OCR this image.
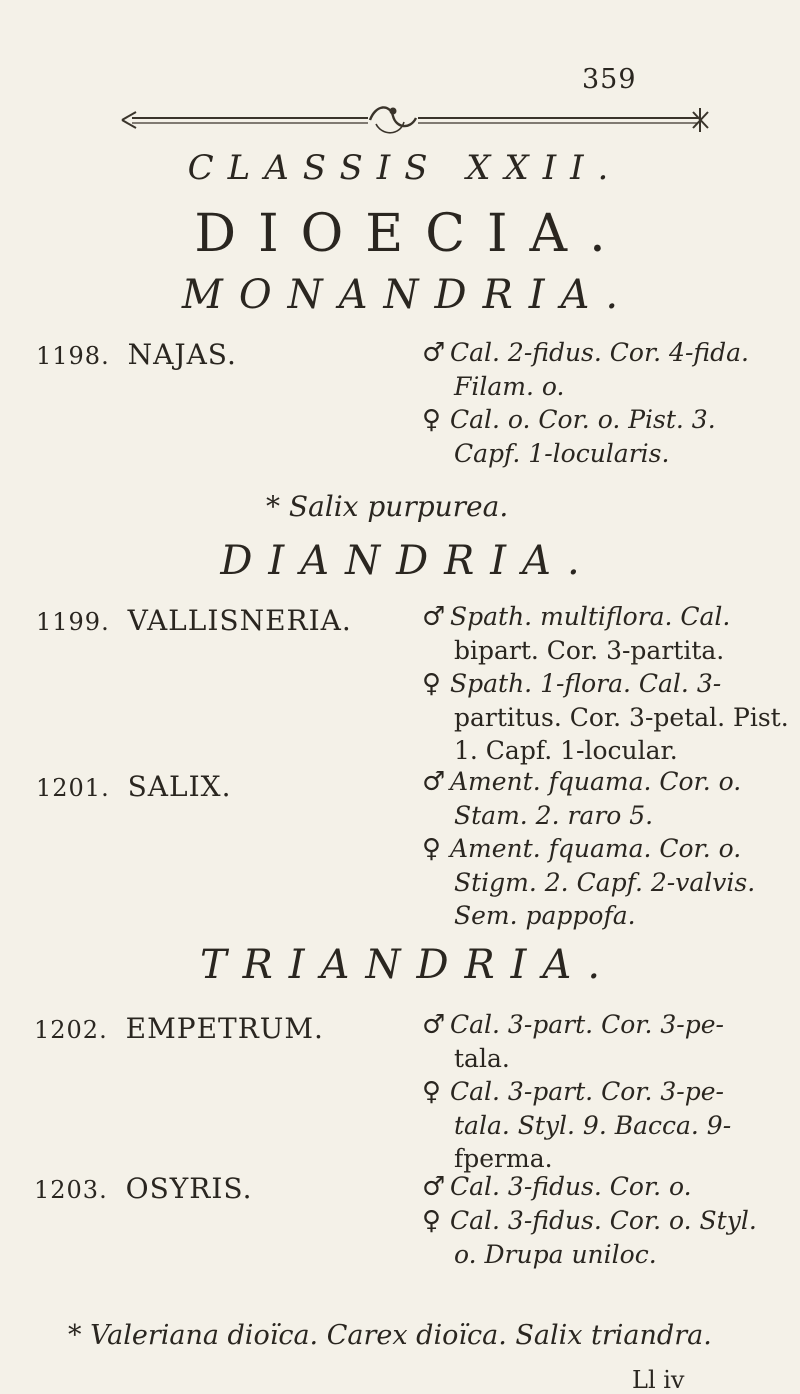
359
CLASSIS XXII.
DIOECIA.
MONANDRIA.
1198. NAJAS.	♂ Cal. 2-fidus. Cor. 4-fida.
Filam. o.
♀ Cal. o. Cor. o. Pist. 3.
Capf. 1-locularis.
* Salix purpurea.
DIANDRIA.
1199. VALLISNERIA.	♂ Spath. multiflora. Cal.
bipart. Cor. 3-partita.
♀ Spath. 1-flora. Cal. 3-
partitus. Cor. 3-petal. Pist.
1. Capf. 1-locular.
1201. SALIX.	♂ Ament. fquama. Cor. o.
Stam. 2. raro 5.
♀ Ament. fquama. Cor. o.
Stigm. 2. Capf. 2-valvis.
Sem. pappofa.
TRIANDRIA.
1202. EMPETRUM.	♂ Cal. 3-part. Cor. 3-pe-
tala.
♀ Cal. 3-part. Cor. 3-pe-
tala. Styl. 9. Bacca. 9-
fperma.
1203. OSYRIS.	♂ Cal. 3-fidus. Cor. o.
♀ Cal. 3-fidus. Cor. o. Styl.
o. Drupa uniloc.
* Valeriana dioïca. Carex dioïca. Salix triandra.
Ll iv
